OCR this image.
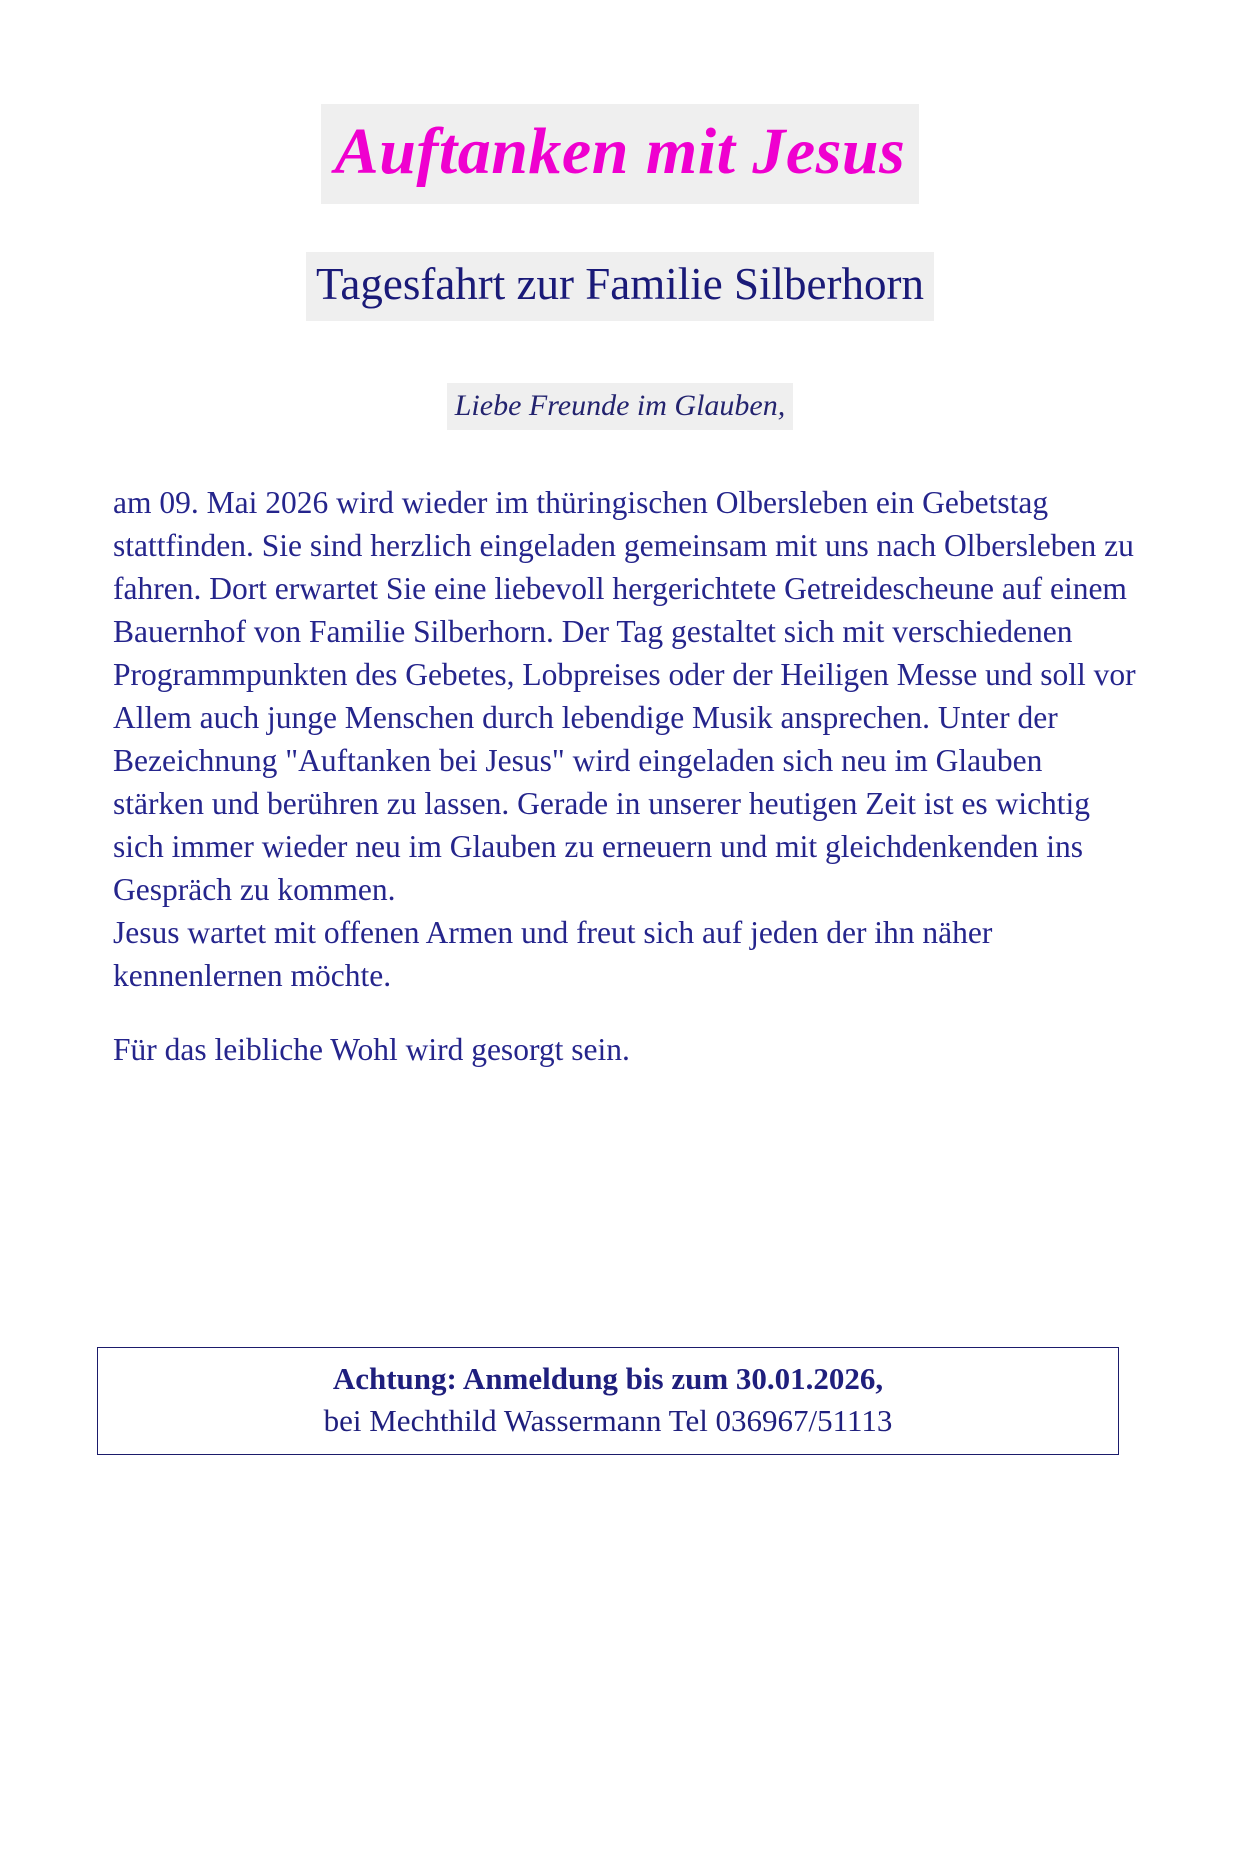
Auftanken mit Jesus
Tagesfahrt zur Familie Silberhorn
Liebe Freunde im Glauben,

am 09. Mai 2026 wird wieder im thüringischen Olbersleben ein Gebetstag stattfinden. Sie sind herzlich eingeladen gemeinsam mit uns nach Olbersleben zu fahren. Dort erwartet Sie eine liebevoll hergerichtete Getreidescheune auf einem Bauernhof von Familie Silberhorn. Der Tag gestaltet sich mit verschiedenen Programmpunkten des Gebetes, Lobpreises oder der Heiligen Messe und soll vor Allem auch junge Menschen durch lebendige Musik ansprechen. Unter der Bezeichnung "Auftanken bei Jesus" wird eingeladen sich neu im Glauben stärken und berühren zu lassen. Gerade in unserer heutigen Zeit ist es wichtig sich immer wieder neu im Glauben zu erneuern und mit gleichdenkenden ins Gespräch zu kommen.

Jesus wartet mit offenen Armen und freut sich auf jeden der ihn näher kennenlernen möchte.

Für das leibliche Wohl wird gesorgt sein.

Achtung: Anmeldung bis zum 30.01.2026,
bei Mechthild Wassermann Tel 036967/51113
